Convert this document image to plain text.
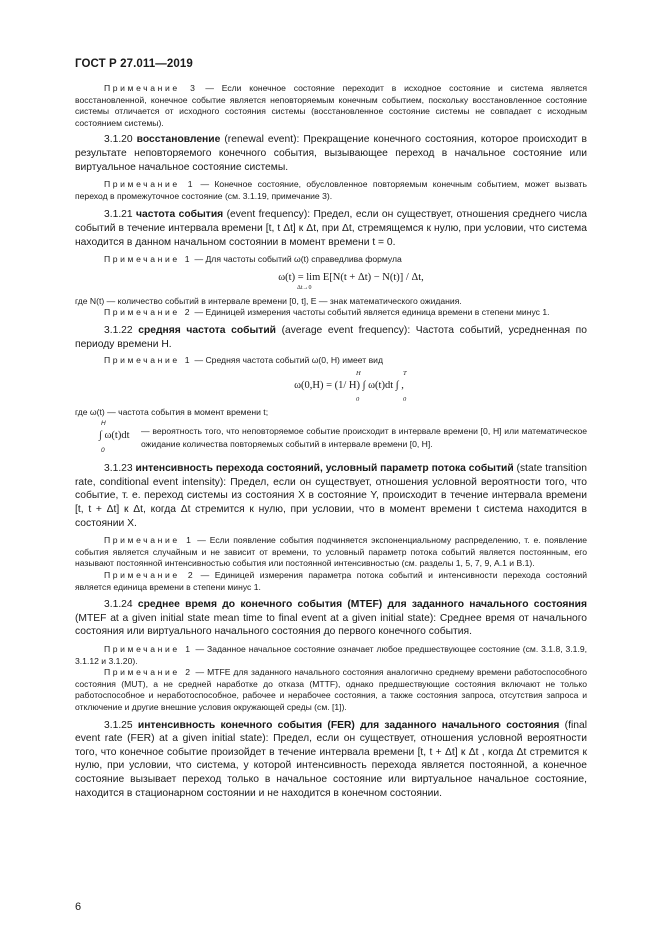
ГОСТ Р 27.011—2019

Примечание 3 — Если конечное состояние переходит в исходное состояние и система является восстановленной, конечное событие является неповторяемым конечным событием, поскольку восстановленное состояние системы отличается от исходного состояния системы (восстановленное состояние системы не совпадает с исходным состоянием системы).

3.1.20 восстановление (renewal event): Прекращение конечного состояния, которое происходит в результате неповторяемого конечного события, вызывающее переход в начальное состояние или виртуальное начальное состояние системы.

Примечание 1 — Конечное состояние, обусловленное повторяемым конечным событием, может вызвать переход в промежуточное состояние (см. 3.1.19, примечание 3).

3.1.21 частота события (event frequency): Предел, если он существует, отношения среднего числа событий в течение интервала времени [t, t Δt] к Δt, при Δt, стремящемся к нулю, при условии, что система находится в данном начальном состоянии в момент времени t = 0.

Примечание 1 — Для частоты событий ω(t) справедлива формула

ω(t) = lim E[N(t + Δt) − N(t)] / Δt,
Δt→0

где N(t) — количество событий в интервале времени [0, t], E — знак математического ожидания.

Примечание 2 — Единицей измерения частоты событий является единица времени в степени минус 1.

3.1.22 средняя частота событий (average event frequency): Частота событий, усредненная по периоду времени H.

Примечание 1 — Средняя частота событий ω(0, H) имеет вид

ω(0,H) = (1/ H) ∫ ω(t)dt ∫ ,
H
0
T
0

где ω(t) — частота события в момент времени t;

∫ ω(t)dt
H
0

— вероятность того, что неповторяемое событие происходит в интервале времени [0, H] или математическое ожидание количества повторяемых событий в интервале времени [0, H].

3.1.23 интенсивность перехода состояний, условный параметр потока событий (state transition rate, conditional event intensity): Предел, если он существует, отношения условной вероятности того, что событие, т. е. переход системы из состояния X в состояние Y, происходит в течение интервала времени [t, t + Δt] к Δt, когда Δt стремится к нулю, при условии, что в момент времени t система находится в состоянии X.

Примечание 1 — Если появление события подчиняется экспоненциальному распределению, т. е. появление события является случайным и не зависит от времени, то условный параметр потока событий является постоянным, его называют постоянной интенсивностью события или постоянной интенсивностью (см. разделы 1, 5, 7, 9, А.1 и В.1).

Примечание 2 — Единицей измерения параметра потока событий и интенсивности перехода состояний является единица времени в степени минус 1.

3.1.24 среднее время до конечного события (MTEF) для заданного начального состояния (MTEF at a given initial state mean time to final event at a given initial state): Среднее время от начального состояния или виртуального начального состояния до первого конечного события.

Примечание 1 — Заданное начальное состояние означает любое предшествующее состояние (см. 3.1.8, 3.1.9, 3.1.12 и 3.1.20).

Примечание 2 — MTFE для заданного начального состояния аналогично среднему времени работоспособного состояния (MUT), а не средней наработке до отказа (MTTF), однако предшествующие состояния включают не только работоспособное и неработоспособное, рабочее и нерабочее состояния, а также состояния запроса, отсутствия запроса и отключение и другие внешние условия окружающей среды (см. [1]).

3.1.25 интенсивность конечного события (FER) для заданного начального состояния (final event rate (FER) at a given initial state): Предел, если он существует, отношения условной вероятности того, что конечное событие произойдет в течение интервала времени [t, t + Δt] к Δt , когда Δt стремится к нулю, при условии, что система, у которой интенсивность перехода является постоянной, а конечное состояние вызывает переход только в начальное состояние или виртуальное начальное состояние, находится в стационарном состоянии и не находится в конечном состоянии.

6
